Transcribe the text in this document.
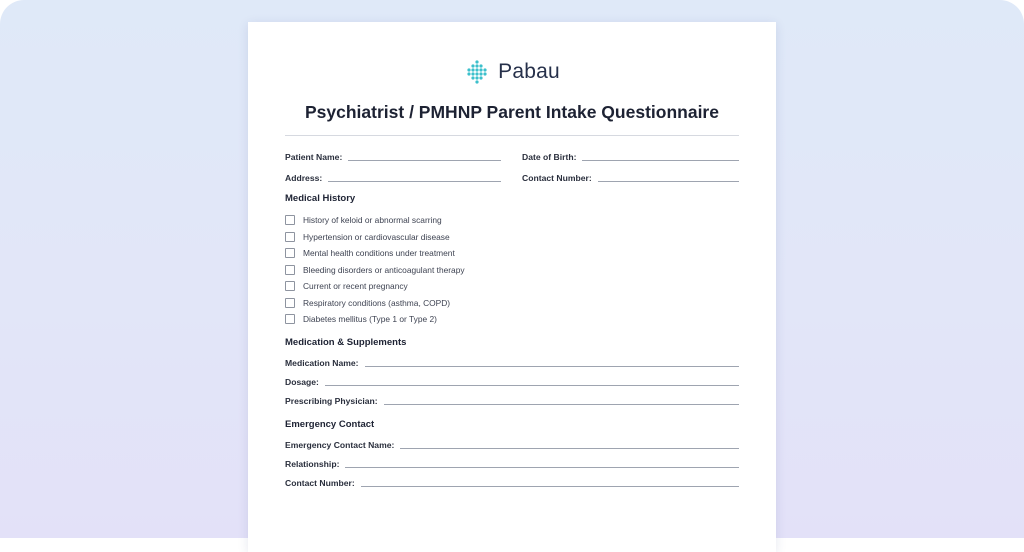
Pabau
Psychiatrist / PMHNP Parent Intake Questionnaire
Patient Name:	Date of Birth:
Address:	Contact Number:
Medical History
History of keloid or abnormal scarring
Hypertension or cardiovascular disease
Mental health conditions under treatment
Bleeding disorders or anticoagulant therapy
Current or recent pregnancy
Respiratory conditions (asthma, COPD)
Diabetes mellitus (Type 1 or Type 2)
Medication & Supplements
Medication Name:
Dosage:
Prescribing Physician:
Emergency Contact
Emergency Contact Name:
Relationship:
Contact Number:
